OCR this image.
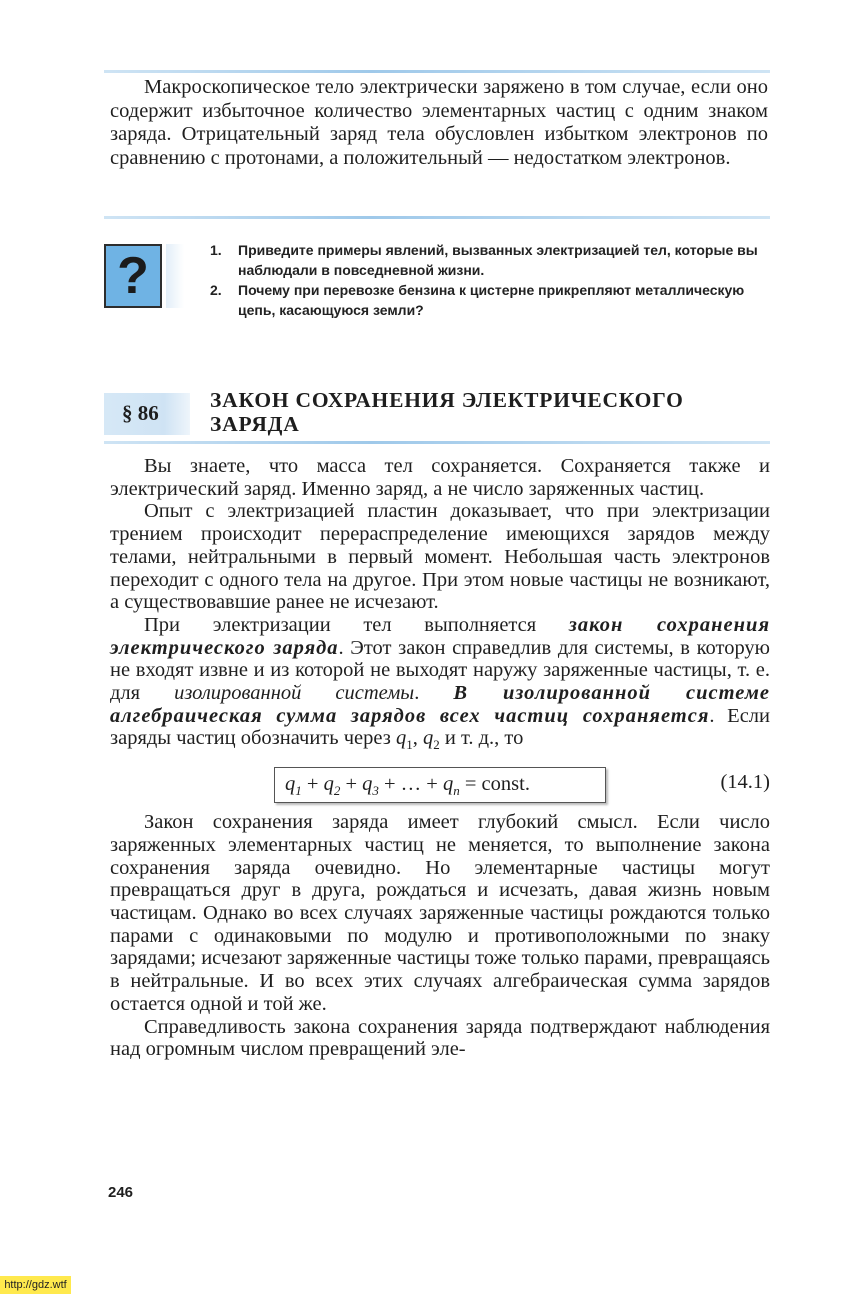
Макроскопическое тело электрически заряжено в том случае, если оно содержит избыточное количество элементарных частиц с одним знаком заряда. Отрицательный заряд тела обусловлен избытком электронов по сравнению с протонами, а положительный — недостатком электронов.

?	1. Приведите примеры явлений, вызванных электризацией тел, которые вы наблюдали в повседневной жизни.
2. Почему при перевозке бензина к цистерне прикрепляют металлическую цепь, касающуюся земли?
§ 86
ЗАКОН СОХРАНЕНИЯ ЭЛЕКТРИЧЕСКОГО ЗАРЯДА

Вы знаете, что масса тел сохраняется. Сохраняется также и электрический заряд. Именно заряд, а не число заряженных частиц.

Опыт с электризацией пластин доказывает, что при электризации трением происходит перераспределение имеющихся зарядов между телами, нейтральными в первый момент. Небольшая часть электронов переходит с одного тела на другое. При этом новые частицы не возникают, а существовавшие ранее не исчезают.

При электризации тел выполняется закон сохранения электрического заряда. Этот закон справедлив для системы, в которую не входят извне и из которой не выходят наружу заряженные частицы, т. е. для изолированной системы. В изолированной системе алгебраическая сумма зарядов всех частиц сохраняется. Если заряды частиц обозначить через $q_1$, $q_2$ и т. д., то

$q_1 + q_2 + q_3$ + … + $q_n$ = const.	(14.1)

Закон сохранения заряда имеет глубокий смысл. Если число заряженных элементарных частиц не меняется, то выполнение закона сохранения заряда очевидно. Но элементарные частицы могут превращаться друг в друга, рождаться и исчезать, давая жизнь новым частицам. Однако во всех случаях заряженные частицы рождаются только парами с одинаковыми по модулю и противоположными по знаку зарядами; исчезают заряженные частицы тоже только парами, превращаясь в нейтральные. И во всех этих случаях алгебраическая сумма зарядов остается одной и той же.

Справедливость закона сохранения заряда подтверждают наблюдения над огромным числом превращений эле-

246
http://gdz.wtf
